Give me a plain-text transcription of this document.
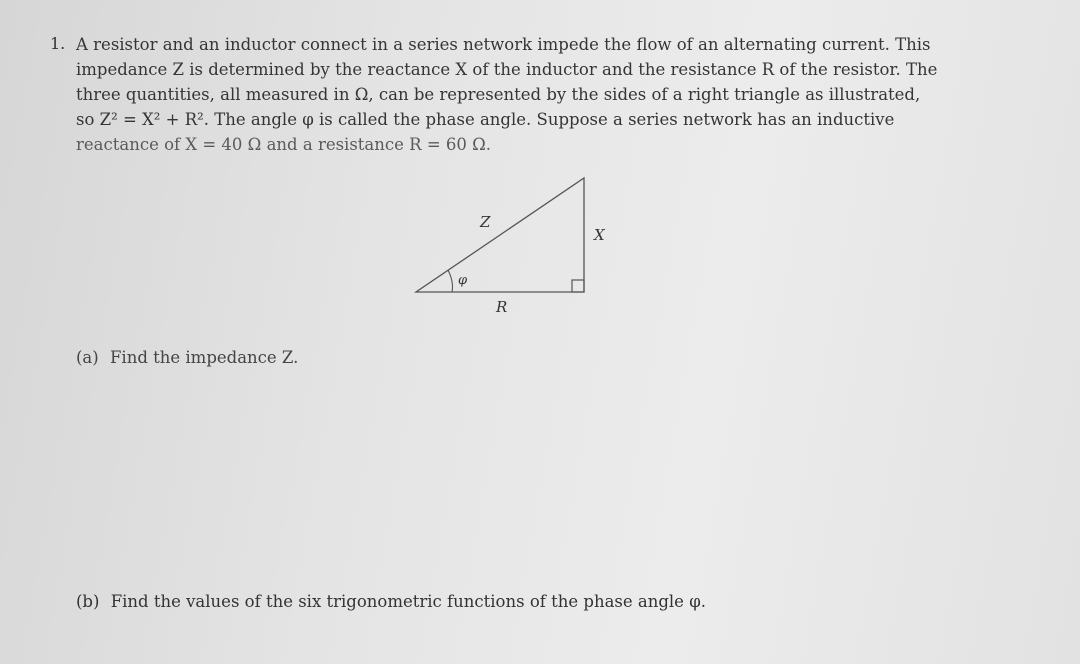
1. A resistor and an inductor connect in a series network impede the flow of an alternating current. This
impedance Z is determined by the reactance X of the inductor and the resistance R of the resistor. The
three quantities, all measured in Ω, can be represented by the sides of a right triangle as illustrated,
so Z² = X² + R². The angle φ is called the phase angle. Suppose a series network has an inductive
reactance of X = 40 Ω and a resistance R = 60 Ω.

Z
X
R
φ
(a) Find the impedance Z.
(b) Find the values of the six trigonometric functions of the phase angle φ.
